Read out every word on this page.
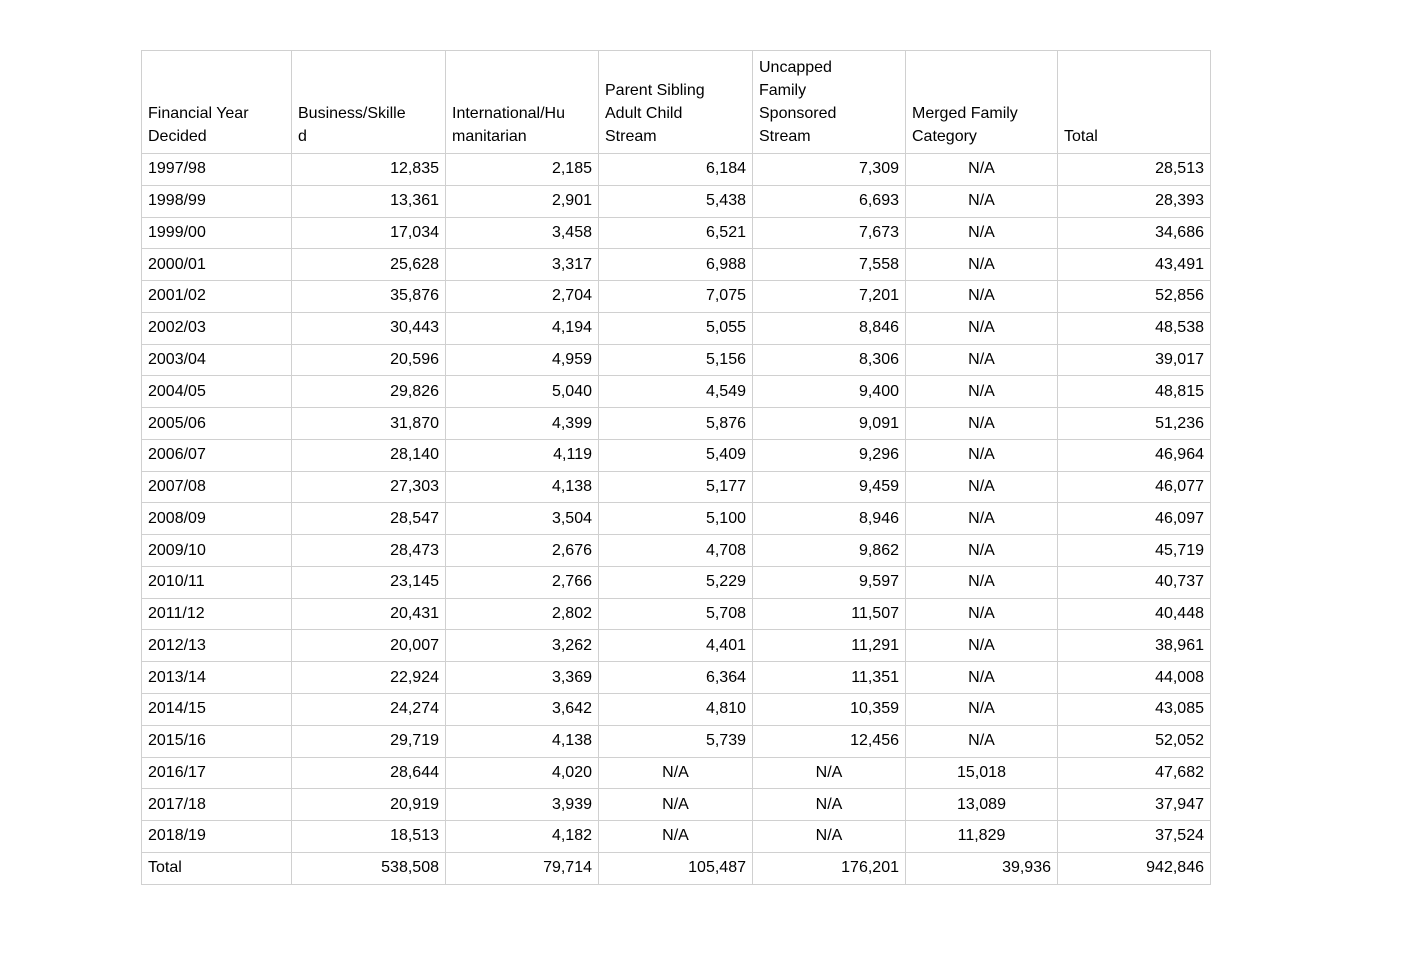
Financial Year Decided	Business/Skilled	International/Humanitarian	Parent Sibling Adult Child Stream	Uncapped Family Sponsored Stream	Merged Family Category	Total

1997/98	12,835	2,185	6,184	7,309	N/A	28,513
1998/99	13,361	2,901	5,438	6,693	N/A	28,393
1999/00	17,034	3,458	6,521	7,673	N/A	34,686
2000/01	25,628	3,317	6,988	7,558	N/A	43,491
2001/02	35,876	2,704	7,075	7,201	N/A	52,856
2002/03	30,443	4,194	5,055	8,846	N/A	48,538
2003/04	20,596	4,959	5,156	8,306	N/A	39,017
2004/05	29,826	5,040	4,549	9,400	N/A	48,815
2005/06	31,870	4,399	5,876	9,091	N/A	51,236
2006/07	28,140	4,119	5,409	9,296	N/A	46,964
2007/08	27,303	4,138	5,177	9,459	N/A	46,077
2008/09	28,547	3,504	5,100	8,946	N/A	46,097
2009/10	28,473	2,676	4,708	9,862	N/A	45,719
2010/11	23,145	2,766	5,229	9,597	N/A	40,737
2011/12	20,431	2,802	5,708	11,507	N/A	40,448
2012/13	20,007	3,262	4,401	11,291	N/A	38,961
2013/14	22,924	3,369	6,364	11,351	N/A	44,008
2014/15	24,274	3,642	4,810	10,359	N/A	43,085
2015/16	29,719	4,138	5,739	12,456	N/A	52,052
2016/17	28,644	4,020	N/A	N/A	15,018	47,682
2017/18	20,919	3,939	N/A	N/A	13,089	37,947
2018/19	18,513	4,182	N/A	N/A	11,829	37,524
Total	538,508	79,714	105,487	176,201	39,936	942,846
